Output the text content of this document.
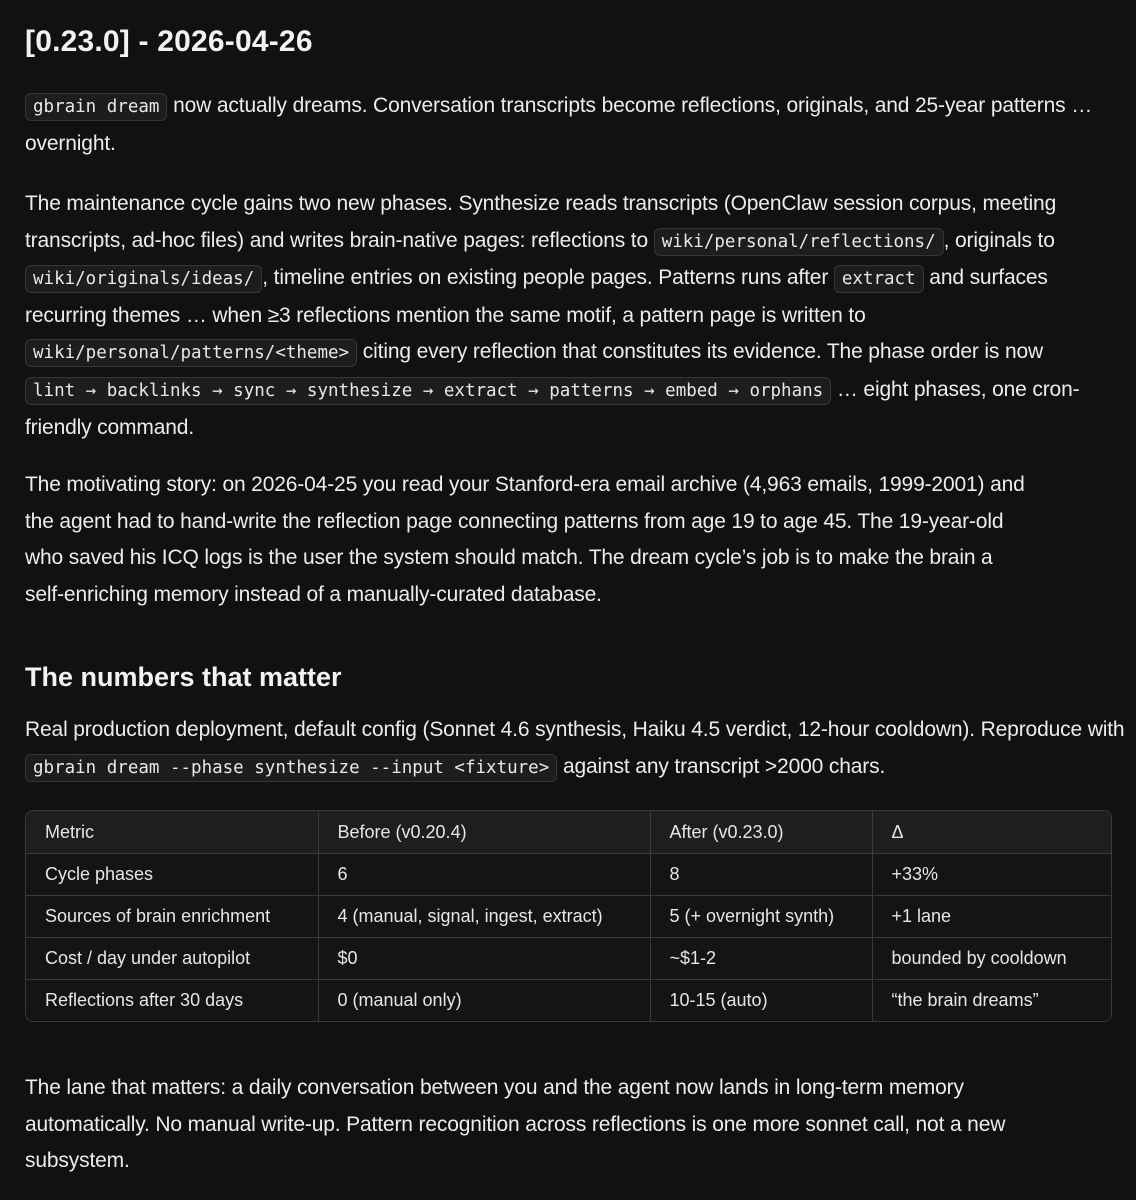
[0.23.0] - 2026-04-26

gbrain dream now actually dreams. Conversation transcripts become reflections, originals, and 25-year patterns … overnight.

The maintenance cycle gains two new phases. Synthesize reads transcripts (OpenClaw session corpus, meeting transcripts, ad-hoc files) and writes brain-native pages: reflections to wiki/personal/reflections/ , originals to wiki/originals/ideas/ , timeline entries on existing people pages. Patterns runs after extract and surfaces recurring themes … when ≥3 reflections mention the same motif, a pattern page is written to wiki/personal/patterns/<theme> citing every reflection that constitutes its evidence. The phase order is now lint → backlinks → sync → synthesize → extract → patterns → embed → orphans … eight phases, one cron-friendly command.

The motivating story: on 2026-04-25 you read your Stanford-era email archive (4,963 emails, 1999-2001) and the agent had to hand-write the reflection page connecting patterns from age 19 to age 45. The 19-year-old who saved his ICQ logs is the user the system should match. The dream cycle’s job is to make the brain a self-enriching memory instead of a manually-curated database.

The numbers that matter

Real production deployment, default config (Sonnet 4.6 synthesis, Haiku 4.5 verdict, 12-hour cooldown). Reproduce with gbrain dream --phase synthesize --input <fixture> against any transcript >2000 chars.

Metric	Before (v0.20.4)	After (v0.23.0)	Δ
Cycle phases	6	8	+33%
Sources of brain enrichment	4 (manual, signal, ingest, extract)	5 (+ overnight synth)	+1 lane
Cost / day under autopilot	$0	~$1-2	bounded by cooldown
Reflections after 30 days	0 (manual only)	10-15 (auto)	“the brain dreams”

The lane that matters: a daily conversation between you and the agent now lands in long-term memory automatically. No manual write-up. Pattern recognition across reflections is one more sonnet call, not a new subsystem.
